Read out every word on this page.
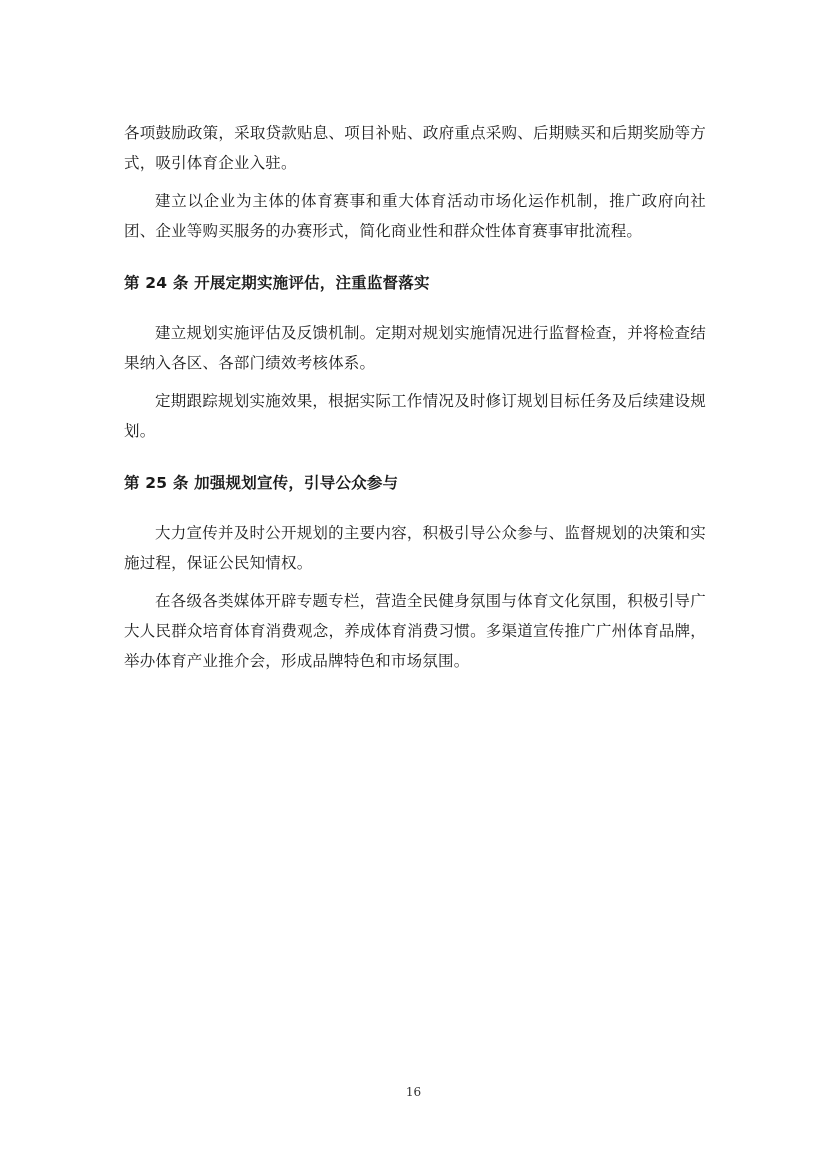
各项鼓励政策，采取贷款贴息、项目补贴、政府重点采购、后期赎买和后期奖励等方式，吸引体育企业入驻。

建立以企业为主体的体育赛事和重大体育活动市场化运作机制，推广政府向社团、企业等购买服务的办赛形式，简化商业性和群众性体育赛事审批流程。

第 24 条 开展定期实施评估，注重监督落实

建立规划实施评估及反馈机制。定期对规划实施情况进行监督检查，并将检查结果纳入各区、各部门绩效考核体系。

定期跟踪规划实施效果，根据实际工作情况及时修订规划目标任务及后续建设规划。

第 25 条 加强规划宣传，引导公众参与

大力宣传并及时公开规划的主要内容，积极引导公众参与、监督规划的决策和实施过程，保证公民知情权。

在各级各类媒体开辟专题专栏，营造全民健身氛围与体育文化氛围，积极引导广大人民群众培育体育消费观念，养成体育消费习惯。多渠道宣传推广广州体育品牌，举办体育产业推介会，形成品牌特色和市场氛围。

16
